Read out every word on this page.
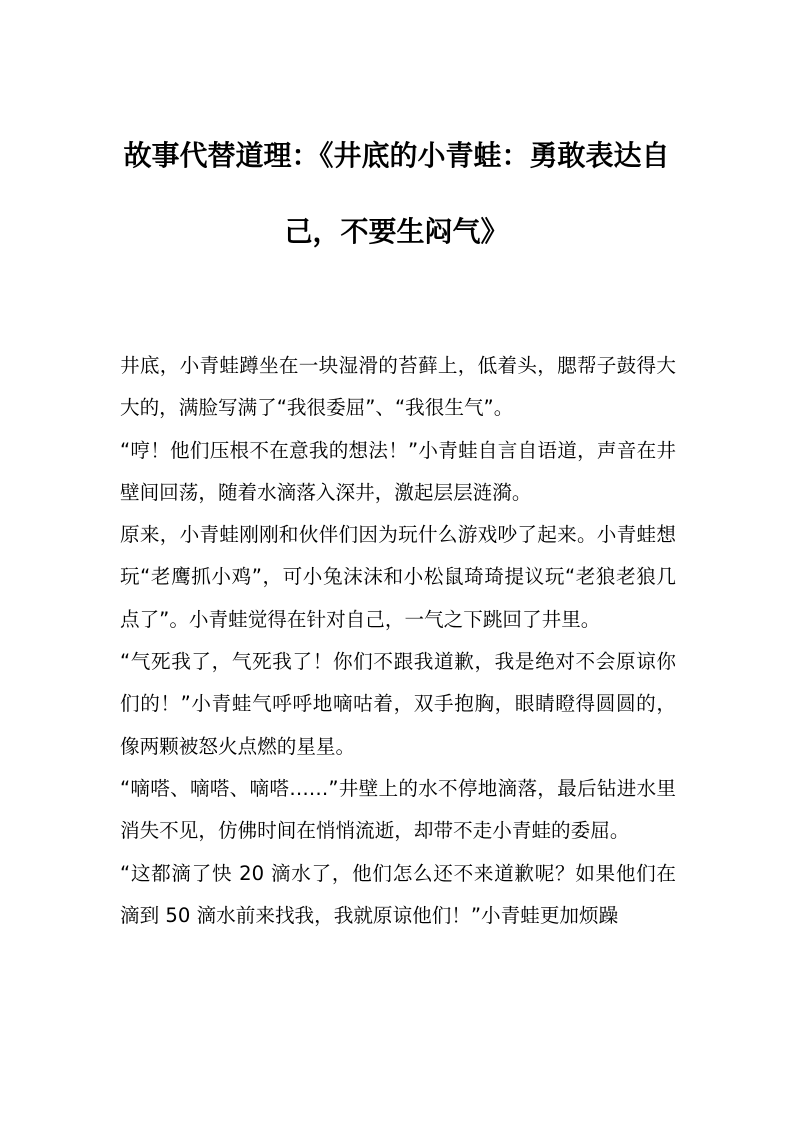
故事代替道理：《井底的小青蛙：勇敢表达自己，不要生闷气》

井底，小青蛙蹲坐在一块湿滑的苔藓上，低着头，腮帮子鼓得大大的，满脸写满了“我很委屈”、“我很生气”。

“哼！他们压根不在意我的想法！”小青蛙自言自语道，声音在井壁间回荡，随着水滴落入深井，激起层层涟漪。

原来，小青蛙刚刚和伙伴们因为玩什么游戏吵了起来。小青蛙想玩“老鹰抓小鸡”，可小兔沫沫和小松鼠琦琦提议玩“老狼老狼几点了”。小青蛙觉得在针对自己，一气之下跳回了井里。

“气死我了，气死我了！你们不跟我道歉，我是绝对不会原谅你们的！”小青蛙气呼呼地嘀咕着，双手抱胸，眼睛瞪得圆圆的，像两颗被怒火点燃的星星。

“嘀嗒、嘀嗒、嘀嗒……”井壁上的水不停地滴落，最后钻进水里消失不见，仿佛时间在悄悄流逝，却带不走小青蛙的委屈。

“这都滴了快 20 滴水了，他们怎么还不来道歉呢？如果他们在滴到 50 滴水前来找我，我就原谅他们！”小青蛙更加烦躁
